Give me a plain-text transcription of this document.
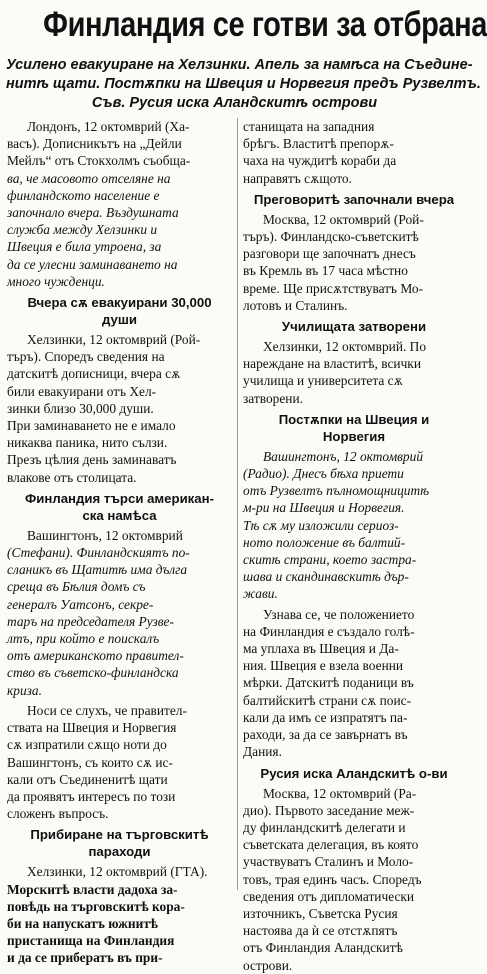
Финландия се готви за отбрана
Усилено евакуиране на Хелзинки. Апель за намѣса на Съедине-
нитѣ щати. Постѫпки на Швеция и Норвегия предъ Рузвелтъ.
Съв. Русия иска Аландскитѣ острови
Лондонъ, 12 октомврий (Ха-
васъ). Дописникътъ на „Дейли
Мейлъ“ отъ Стокхолмъ съобща-
ва, че масовото отселяне на
финландското население е
започнало вчера. Въздушната
служба между Хелзинки и
Швеция е била утроена, за
да се улесни заминаването на
много чужденци.
Вчера сѫ евакуирани 30,000
души
Хелзинки, 12 октомврий (Рой-
търъ). Споредъ сведения на
датскитѣ дописници, вчера сѫ
били евакуирани отъ Хел-
зинки близо 30,000 души.
При заминаването не е имало
никаква паника, нито сълзи.
Презъ цѣлия день заминаватъ
влакове отъ столицата.
Финландия търси американ-
ска намѣса
Вашингтонъ, 12 октомврий
(Стефани). Финландскиятъ по-
сланикъ въ Щатитѣ има дълга
среща въ Бѣлия домъ съ
генералъ Уатсонъ, секре-
таръ на председателя Рузве-
лтъ, при който е поискалъ
отъ американското правител-
ство въ съветско-финландска
криза.
Носи се слухъ, че правител-
ствата на Швеция и Норвегия
сѫ изпратили сѫщо ноти до
Вашингтонъ, съ които сѫ ис-
кали отъ Съединенитѣ щати
да проявятъ интересъ по този
сложенъ въпросъ.
Прибиране на търговскитѣ
параходи
Хелзинки, 12 октомврий (ГТА).
Морскитѣ власти дадоха за-
повѣдь на търговскитѣ кора-
би на напускатъ южнитѣ
пристанища на Финландия
и да се прибератъ въ при-
станищата на западния
брѣгъ. Властитѣ препорѫ-
чаха на чуждитѣ кораби да
направятъ сѫщото.
Преговоритѣ започнали вчера
Москва, 12 октомврий (Рой-
търъ). Финландско-съветскитѣ
разговори ще започнатъ днесъ
въ Кремль въ 17 часа мѣстно
време. Ще присѫтствуватъ Мо-
лотовъ и Сталинъ.
Училищата затворени
Хелзинки, 12 октомврий. По
нареждане на властитѣ, всички
училища и университета сѫ
затворени.
Постѫпки на Швеция и
Норвегия
Вашингтонъ, 12 октомврий
(Радио). Днесъ бѣха приети
отъ Рузвелтъ пълномощницитѣ
м-ри на Швеция и Норвегия.
Тѣ сѫ му изложили сериоз-
ното положение въ балтий-
скитѣ страни, което застра-
шава и скандинавскитѣ дър-
жави.
Узнава се, че положението
на Финландия е създало голѣ-
ма уплаха въ Швеция и Да-
ния. Швеция е взела военни
мѣрки. Датскитѣ поданици въ
балтийскитѣ страни сѫ поис-
кали да имъ се изпратятъ па-
раходи, за да се завърнатъ въ
Дания.
Русия иска Аландскитѣ о-ви
Москва, 12 октомврий (Ра-
дио). Първото заседание меж-
ду финландскитѣ делегати и
съветската делегация, въ която
участвуватъ Сталинъ и Моло-
товъ, трая единъ часъ. Споредъ
сведения отъ дипломатически
източникъ, Съветска Русия
настоява да ѝ се отстѫпятъ
отъ Финландия Аландскитѣ
острови.
